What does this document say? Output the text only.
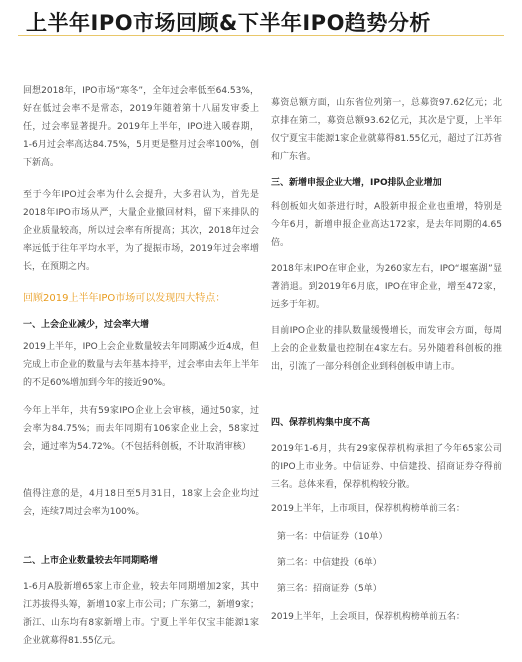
上半年IPO市场回顾&下半年IPO趋势分析

回想2018年，IPO市场“寒冬”，全年过会率低至64.53%，好在低过会率不是常态，2019年随着第十八届发审委上任，过会率显著提升。2019年上半年，IPO进入暖春期，1-6月过会率高达84.75%，5月更是整月过会率100%，创下新高。

至于今年IPO过会率为什么会提升，大多君认为，首先是2018年IPO市场从严，大量企业撤回材料，留下来排队的企业质量较高，所以过会率有所提高；其次，2018年过会率远低于往年平均水平，为了提振市场，2019年过会率增长，在预期之内。

回顾2019上半年IPO市场可以发现四大特点：

一、上会企业减少，过会率大增

2019上半年，IPO上会企业数量较去年同期减少近4成，但完成上市企业的数量与去年基本持平，过会率由去年上半年的不足60%增加到今年的接近90%。

今年上半年，共有59家IPO企业上会审核，通过50家，过会率为84.75%；而去年同期有106家企业上会，58家过会，通过率为54.72%。（不包括科创板，不计取消审核）

值得注意的是，4月18日至5月31日，18家上会企业均过会，连续7周过会率为100%。

二、上市企业数量较去年同期略增

1-6月A股新增65家上市企业，较去年同期增加2家，其中江苏拔得头筹，新增10家上市公司；广东第二，新增9家；浙江、山东均有8家新增上市。宁夏上半年仅宝丰能源1家企业就募得81.55亿元。

募资总额方面，山东省位列第一，总募资97.62亿元；北京排在第二，募资总额93.62亿元，其次是宁夏，上半年仅宁夏宝丰能源1家企业就募得81.55亿元，超过了江苏省和广东省。

三、新增申报企业大增，IPO排队企业增加

科创板如火如荼进行时，A股新申报企业也重增，特别是今年6月，新增申报企业高达172家，是去年同期的4.65倍。

2018年末IPO在审企业，为260家左右，IPO“堰塞湖”显著消退。到2019年6月底，IPO在审企业，增至472家，远多于年初。

目前IPO企业的排队数量缓慢增长，而发审会方面，每周上会的企业数量也控制在4家左右。另外随着科创板的推出，引流了一部分科创企业到科创板申请上市。

四、保荐机构集中度不高

2019年1-6月，共有29家保荐机构承担了今年65家公司的IPO上市业务。中信证券、中信建投、招商证券夺得前三名。总体来看，保荐机构较分散。

2019上半年，上市项目，保荐机构榜单前三名：

第一名：中信证券（10单）

第二名：中信建投（6单）

第三名：招商证券（5单）

2019上半年，上会项目，保荐机构榜单前五名：
